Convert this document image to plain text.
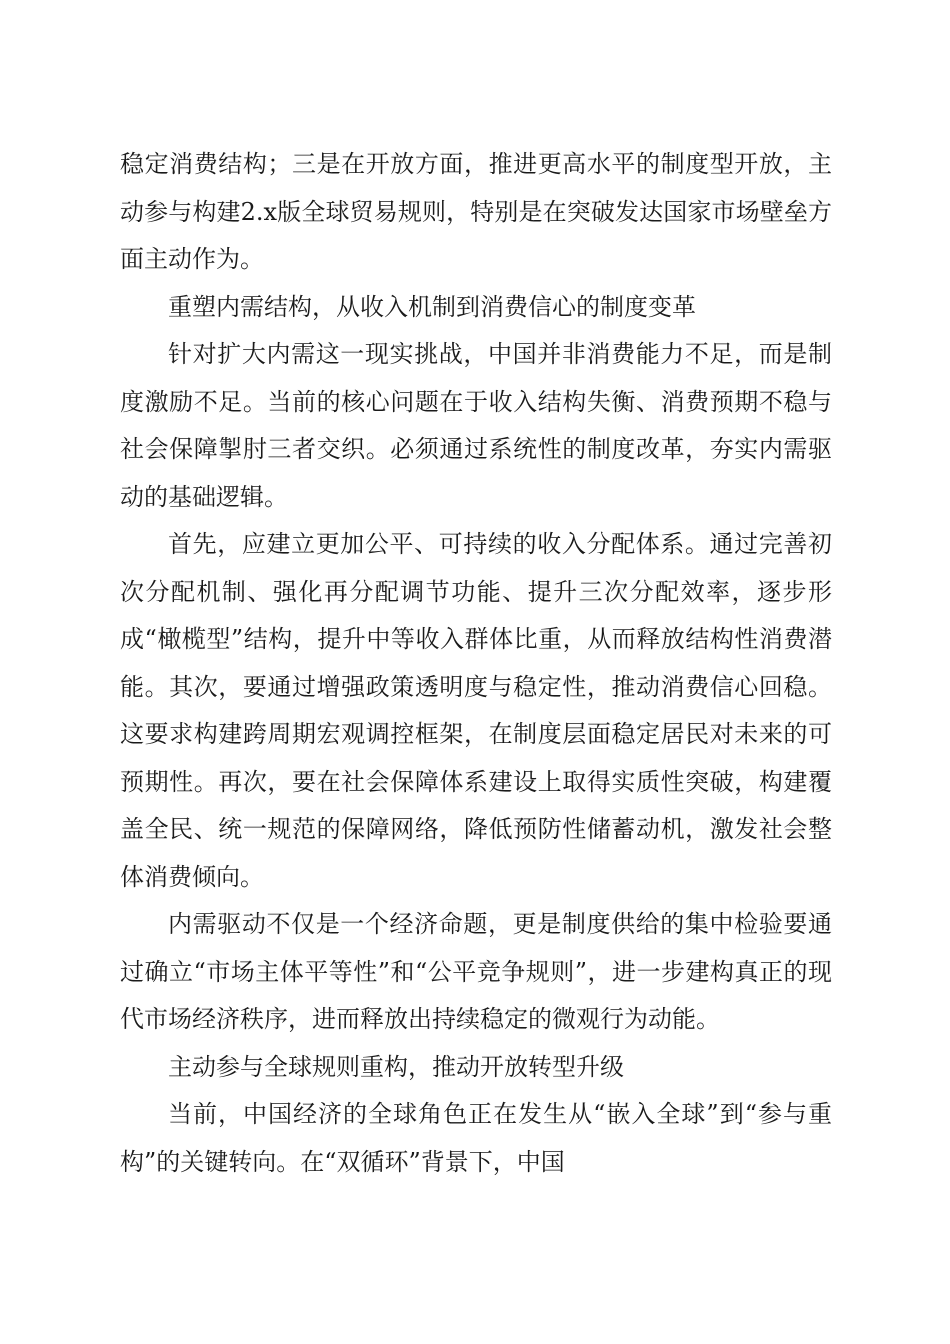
稳定消费结构；三是在开放方面，推进更高水平的制度型开放，主动参与构建2.x版全球贸易规则，特别是在突破发达国家市场壁垒方面主动作为。

重塑内需结构，从收入机制到消费信心的制度变革

针对扩大内需这一现实挑战，中国并非消费能力不足，而是制度激励不足。当前的核心问题在于收入结构失衡、消费预期不稳与社会保障掣肘三者交织。必须通过系统性的制度改革，夯实内需驱动的基础逻辑。

首先，应建立更加公平、可持续的收入分配体系。通过完善初次分配机制、强化再分配调节功能、提升三次分配效率，逐步形成“橄榄型”结构，提升中等收入群体比重，从而释放结构性消费潜能。其次，要通过增强政策透明度与稳定性，推动消费信心回稳。这要求构建跨周期宏观调控框架，在制度层面稳定居民对未来的可预期性。再次，要在社会保障体系建设上取得实质性突破，构建覆盖全民、统一规范的保障网络，降低预防性储蓄动机，激发社会整体消费倾向。

内需驱动不仅是一个经济命题，更是制度供给的集中检验要通过确立“市场主体平等性”和“公平竞争规则”，进一步建构真正的现代市场经济秩序，进而释放出持续稳定的微观行为动能。

主动参与全球规则重构，推动开放转型升级

当前，中国经济的全球角色正在发生从“嵌入全球”到“参与重构”的关键转向。在“双循环”背景下，中国
